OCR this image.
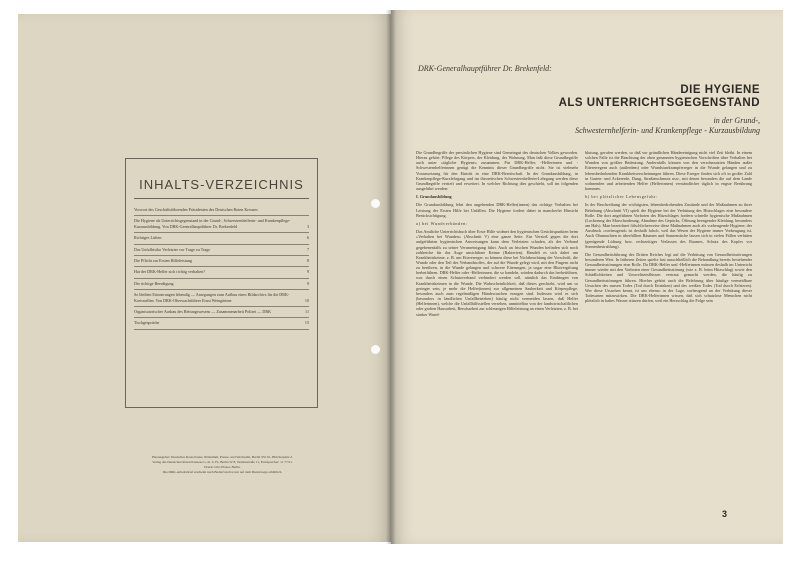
INHALTS-VERZEICHNIS
Vorwort des Geschäftsführenden Präsidenten des Deutschen Roten Kreuzes
Die Hygiene als Unterrichtsgegenstand in der Grund-, Schwesternhelferin- und Krankenpflege-Kurzausbildung. Von DRK-Generalhauptführer Dr. Brekenfeld	3
Richtiges Lüften	6
Das Unfallrisiko Verletzter vor Trage zu Trage	7
Die Pflicht zur Ersten Hilfeleistung	8
Hat der DRK-Helfer sich richtig verhalten?	9
Die richtige Beerdigung	9
So bleiben Erinnerungen lebendig — Anregungen zum Aufbau eines Bildarchivs für die DRK-Kreisstellen. Von DRK-Oberwachtführer Ernst Weingärtner	10
Organisatorischer Ausbau des Rettungswesens — Zusammenarbeit Polizei — DRK	11
Tischgespräche	15
Herausgeber: Deutsches Rotes Kreuz, Präsidium, Presse- und Werbeamt, Berlin SW 61, Blücherplatz 2.
Verlag des Deutschen Roten Kreuzes G. m. b. H., Berlin W 8, Taubenstraße 11, Fernsprecher: 11 77 91.
Druck: Otto Elsner, Berlin.
Die DRK-Arbeitsbrief erscheint nach Bedarf und ist nur auf dem Dienstwege erhältlich.
DRK-Generalhauptführer Dr. Brekenfeld:
DIE HYGIENE
ALS UNTERRICHTSGEGENSTAND
in der Grund-,
Schwesternhelferin- und Krankenpflege - Kurzausbildung

Die Grundbegriffe der persönlichen Hygiene sind Gemeingut des deutschen Volkes geworden. Hierzu gehört: Pflege des Körpers, der Kleidung, der Wohnung. Man faßt diese Grundbegriffe auch unter »tägliche Hygiene« zusammen. Für DRK-Helfer, -Helferinnen und -Schwesternhelferinnen genügt die Kenntnis dieser Grundbegriffe nicht. Sie ist vielmehr Voraussetzung für den Eintritt in eine DRK-Bereitschaft. In der Grundausbildung, in Krankenpflege-Kurzlehrgang und im theoretischen Schwesternhelferin-Lehrgang werden diese Grundbegriffe vertieft und erweitert. In welcher Richtung dies geschieht, soll im folgenden ausgeführt werden:

I. Grundausbildung

Die Grundausbildung lehrt den angehenden DRK-Helfer(innen) das richtige Verhalten bei Leistung der Ersten Hilfe bei Unfällen. Die Hygiene fordert dabei in mancherlei Hinsicht Berücksichtigung.

a) bei Wundverbänden:

Das Amtliche Unterrichtsbuch über Erste Hilfe widmet den hygienischen Gesichtspunkten beim »Verhalten bei Wunden« (Abschnitt V) eine ganze Seite. Ein Verstoß gegen die dort aufgeführten hygienischen Anweisungen kann dem Verletzten schaden, als der Verband gegebenenfalls zu seiner Verunreinigung führt. Auch an frischen Wunden befinden sich noch zahlreiche für das Auge unsichtbare Keime (Bakterien). Handelt es sich dabei um Krankheitskeime, z. B. um Eitererreger, so können diese bei Nichtbeachtung der Vorschrift, die Wunde oder den Teil des Verbandstoffes, der auf die Wunde gelegt wird, mit den Fingern nicht zu berühren, in die Wunde gelangen und schwere Eiterungen, ja sogar eine Blutvergiftung herbeiführen. DRK-Helfer oder -Helferinnen, die so handeln, würden dadurch das herbeiführen, was durch einen Schutzverband verhindert werden soll, nämlich das Eindringen von Krankheitskeimen in die Wunde. Die Wahrscheinlichkeit, daß dieses geschieht, wird um so geringer sein, je mehr die Helfer(innen) zur allgemeinen Sauberkeit und Körperpflege, besonders auch zum regelmäßigen Händewaschen erzogen sind. Indessen wird es sich (besonders in ländlichen Unfallbetrieben) häufig nicht vermeiden lassen, daß Helfer (Helferinnen), welche die Unfallhilfsstellen versehen, unmittelbar von der landwirtschaftlichen oder groben Hausarbeit, Berufsarbeit zur schleunigen Hilfeleistung an einen Verletzten, z. B. bei starker Wund-

blutung, gerufen werden, so daß vor gründlichen Händereinigung nicht viel Zeit bleibt. In einem solchen Falle ist die Beachtung der oben genannten hygienischen Vorschriften über Verhalten bei Wunden von größter Bedeutung. Andernfalls können von den verschmutzten Händen außer Eitererregern auch (außerdem) oder Wundstarrkrampferreger in die Wunde gelangen und zu lebensbedrohenden Krankheitserscheinungen führen. Diese Erreger finden sich oft in großer Zahl in Garten- und Ackererde, Dung, Straßenschmutz usw., mit denen besonders die auf dem Lande wohnenden und arbeitenden Helfer (Helferinnen) verständlicher täglich in engste Berührung kommen.

b) bei plötzlicher Lebensgefahr:

In der Beschreibung der wichtigsten, lebensbedrohenden Zustände und der Maßnahmen zu ihrer Behebung (Abschnitt VI) spielt die Hygiene bei der Verhütung des Hitzschlages eine besondere Rolle. Die dort angeführten Vorboten des Hitzschlages fordern schnelle hygienische Maßnahmen (Lockerung der Marschordnung, Abnahme des Gepäcks, Öffnung beengender Kleidung, besonders am Hals). Man bezeichnet fälschlicherweise diese Maßnahmen auch als vorbeugende Hygiene; der Ausdruck »vorbeugend« ist deshalb falsch, weil das Wesen der Hygiene immer Vorbeugung ist. Auch Ohnmachten in überfüllten Räumen und Sonnenstiche lassen sich in vielen Fällen verhüten (genügende Lüftung bzw. rechtzeitiges Verlassen des Raumes, Schutz des Kopfes vor Sonnenbestrahlung).

Die Gesundheitsführung des Dritten Reiches legt auf die Verhütung von Gesundheitsstörungen besonderen Wert. In früheren Zeiten spielte fast ausschließlich die Behandlung bereits bestehender Gesundheitsstörungen eine Rolle. Da DRK-Helfer und -Helferinnen müssen deshalb im Unterricht immer wieder mit den Vorboten einer Gesundheitsstörung (wie z. B. beim Hitzschlag) sowie den Schädlichkeiten und Umweltseinflüssen vertraut gemacht werden, die häufig zu Gesundheitsstörungen führen. Hierher gehört auch die Belehrung über häufige vermeidbare Ursachen des nassen Todes (Tod durch Ertrinken) und des weißen Todes (Tod durch Erfrieren). Wer diese Ursachen kennt, ist um ebenso in der Lage, vorbeugend an der Verhütung dieser Todesarten mitzuwirken. Die DRK-Helferinnen wissen, daß sich schutzlose Menschen nicht plötzlich in kaltes Wasser stürzen dürfen, weil ein Herzschlag die Folge sein

3
